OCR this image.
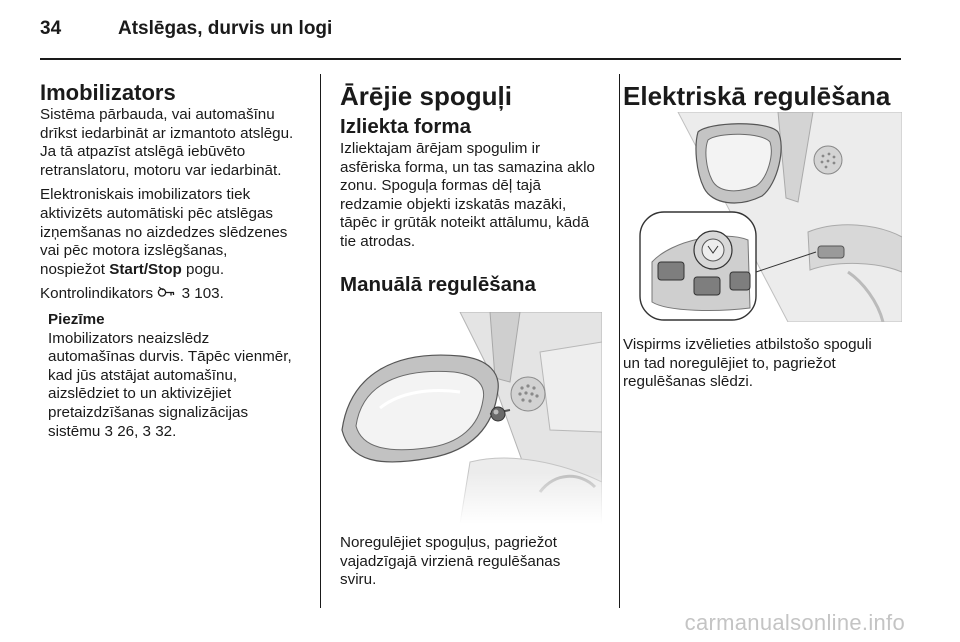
34	Atslēgas, durvis un logi
Imobilizators

Sistēma pārbauda, vai automašīnu
drīkst iedarbināt ar izmantoto atslēgu.
Ja tā atpazīst atslēgā iebūvēto
retranslatoru, motoru var iedarbināt.

Elektroniskais imobilizators tiek
aktivizēts automātiski pēc atslēgas
izņemšanas no aizdedzes slēdzenes
vai pēc motora izslēgšanas,
nospiežot Start/Stop pogu.

Kontrolindikators  3 103.

Piezīme
Imobilizators neaizslēdz
automašīnas durvis. Tāpēc vienmēr,
kad jūs atstājat automašīnu,
aizslēdziet to un aktivizējiet
pretaizdzīšanas signalizācijas
sistēmu 3 26, 3 32.
Ārējie spoguļi
Izliekta forma

Izliektajam ārējam spogulim ir
asfēriska forma, un tas samazina aklo
zonu. Spoguļa formas dēļ tajā
redzamie objekti izskatās mazāki,
tāpēc ir grūtāk noteikt attālumu, kādā
tie atrodas.

Manuālā regulēšana
Noregulējiet spoguļus, pagriežot
vajadzīgajā virzienā regulēšanas
sviru.
Elektriskā regulēšana
Vispirms izvēlieties atbilstošo spoguli
un tad noregulējiet to, pagriežot
regulēšanas slēdzi.
carmanualsonline.info
